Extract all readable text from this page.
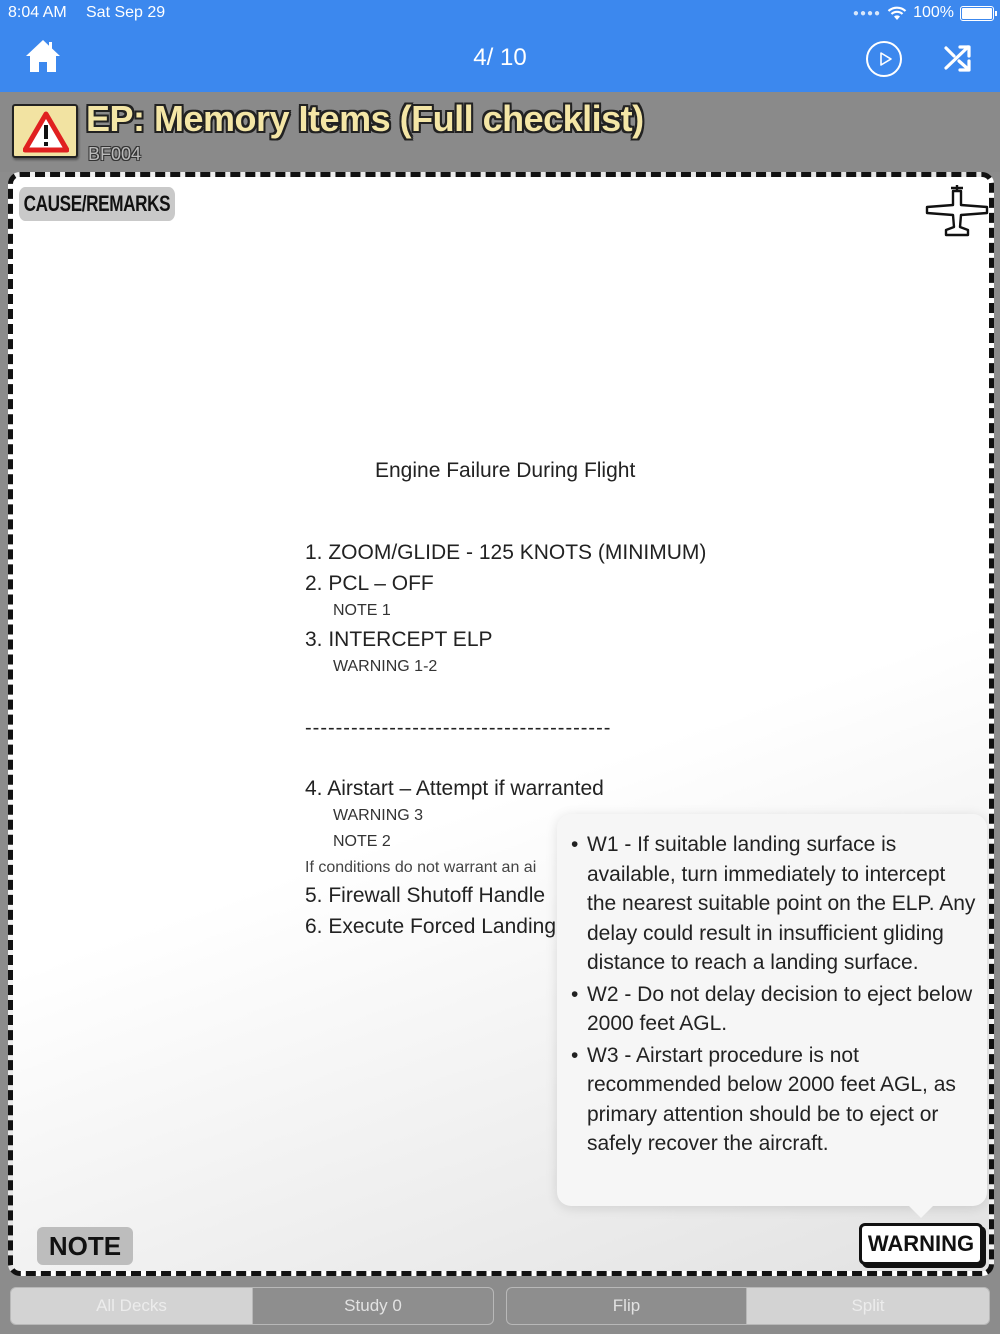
8:04 AM Sat Sep 29	●●●● 100%
4/ 10
EP: Memory Items (Full checklist)
BF004
Engine Failure During Flight
1. ZOOM/GLIDE - 125 KNOTS (MINIMUM)
2. PCL – OFF
NOTE 1
3. INTERCEPT ELP
WARNING 1-2
----------------------------------------
4. Airstart – Attempt if warranted
WARNING 3
NOTE 2
If conditions do not warrant an ai
5. Firewall Shutoff Handle
6. Execute Forced Landing
CAUSE/REMARKS
NOTE	WARNING
• W1 - If suitable landing surface is available, turn immediately to intercept the nearest suitable point on the ELP. Any delay could result in insufficient gliding distance to reach a landing surface.
• W2 - Do not delay decision to eject below 2000 feet AGL.
• W3 - Airstart procedure is not recommended below 2000 feet AGL, as primary attention should be to eject or safely recover the aircraft.
All Decks	Study 0	Flip	Split
